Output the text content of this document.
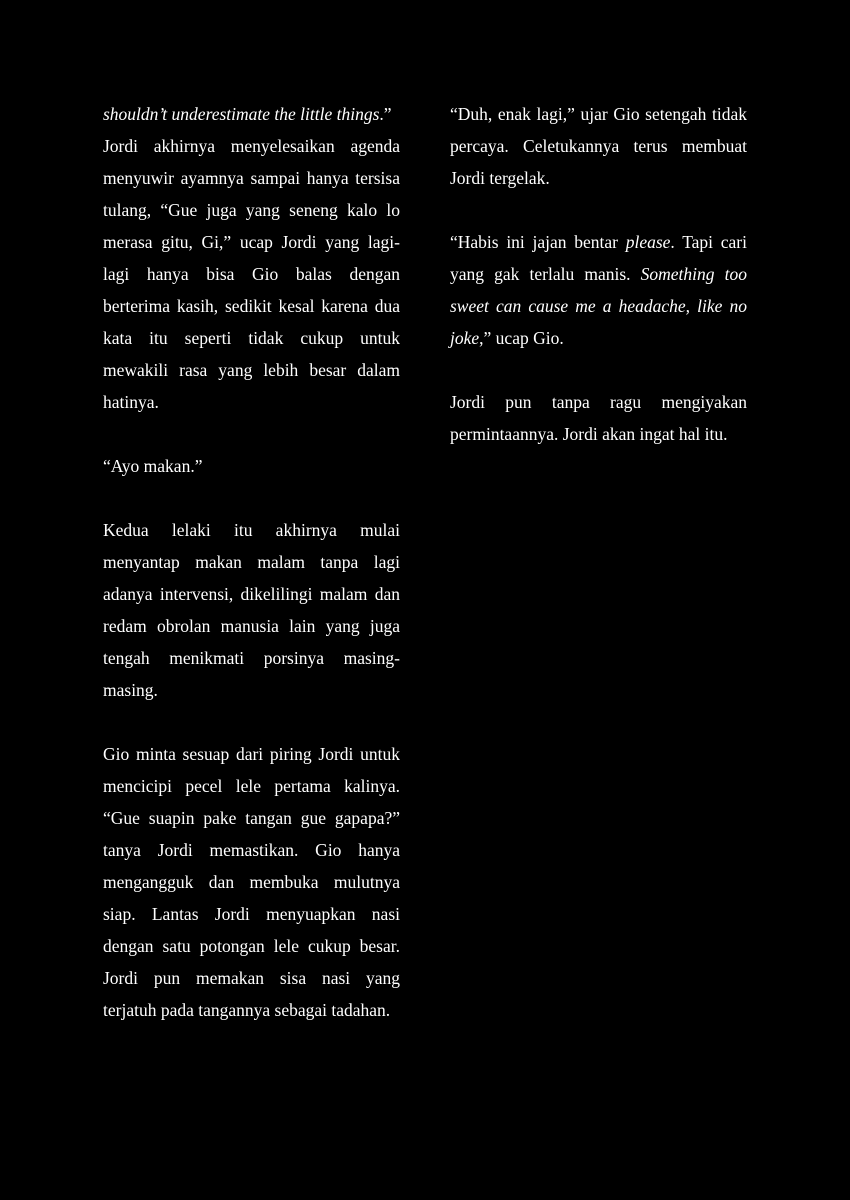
shouldn’t underestimate the little things.”

Jordi akhirnya menyelesaikan agenda menyuwir ayamnya sampai hanya tersisa tulang, “Gue juga yang seneng kalo lo merasa gitu, Gi,” ucap Jordi yang lagi-lagi hanya bisa Gio balas dengan berterima kasih, sedikit kesal karena dua kata itu seperti tidak cukup untuk mewakili rasa yang lebih besar dalam hatinya.

“Ayo makan.”

Kedua lelaki itu akhirnya mulai menyantap makan malam tanpa lagi adanya intervensi, dikelilingi malam dan redam obrolan manusia lain yang juga tengah menikmati porsinya masing-masing.

Gio minta sesuap dari piring Jordi untuk mencicipi pecel lele pertama kalinya. “Gue suapin pake tangan gue gapapa?” tanya Jordi memastikan. Gio hanya mengangguk dan membuka mulutnya siap. Lantas Jordi menyuapkan nasi dengan satu potongan lele cukup besar. Jordi pun memakan sisa nasi yang terjatuh pada tangannya sebagai tadahan.

“Duh, enak lagi,” ujar Gio setengah tidak percaya. Celetukannya terus membuat Jordi tergelak.

“Habis ini jajan bentar please. Tapi cari yang gak terlalu manis. Something too sweet can cause me a headache, like no joke,” ucap Gio.

Jordi pun tanpa ragu mengiyakan permintaannya. Jordi akan ingat hal itu.
